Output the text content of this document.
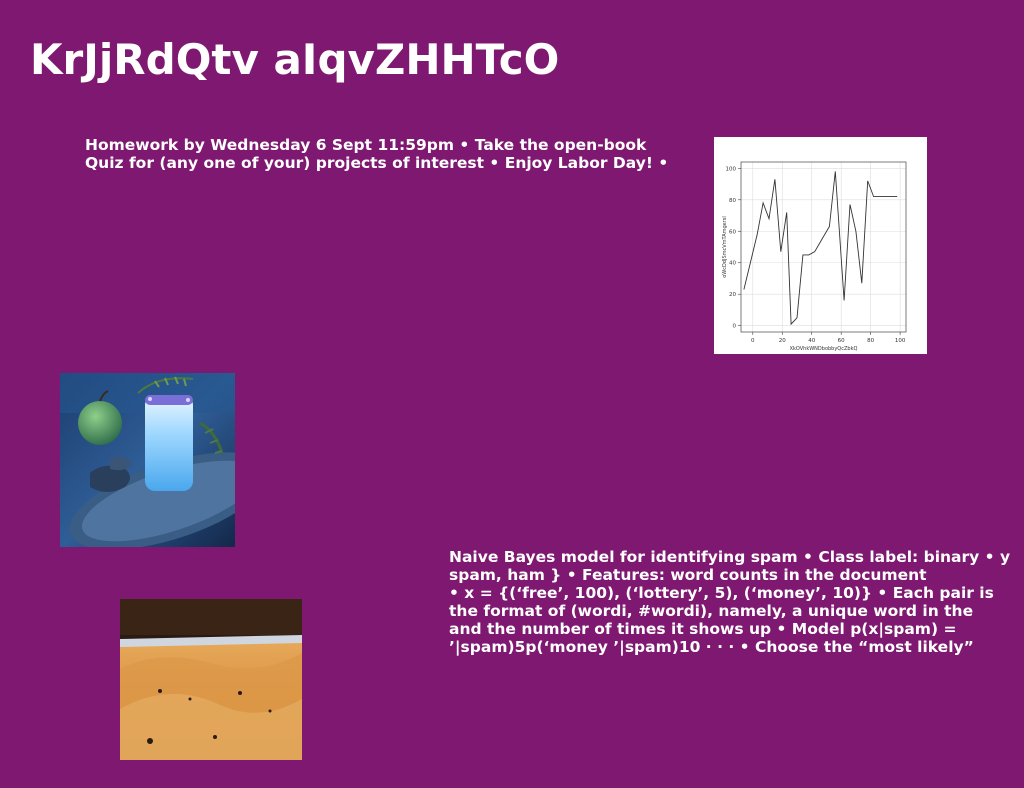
KrJjRdQtv aIqvZHHTcO
Homework by Wednesday 6 Sept 11:59pm • Take the open-book
Quiz for (any one of your) projects of interest • Enjoy Labor Day! •
0	20	40	60	80	100
0
20
40
60
80
100
XkOVhkWNDbobbyQcZbkQ
oWcDdJSmcVmTAmgersl
Naive Bayes model for identifying spam • Class label: binary • y
spam, ham } • Features: word counts in the document
• x = {(‘free’, 100), (‘lottery’, 5), (‘money’, 10)} • Each pair is
the format of (wordi, #wordi), namely, a unique word in the
and the number of times it shows up • Model p(x|spam) =
’|spam)5p(‘money ’|spam)10 · · · • Choose the “most likely”
